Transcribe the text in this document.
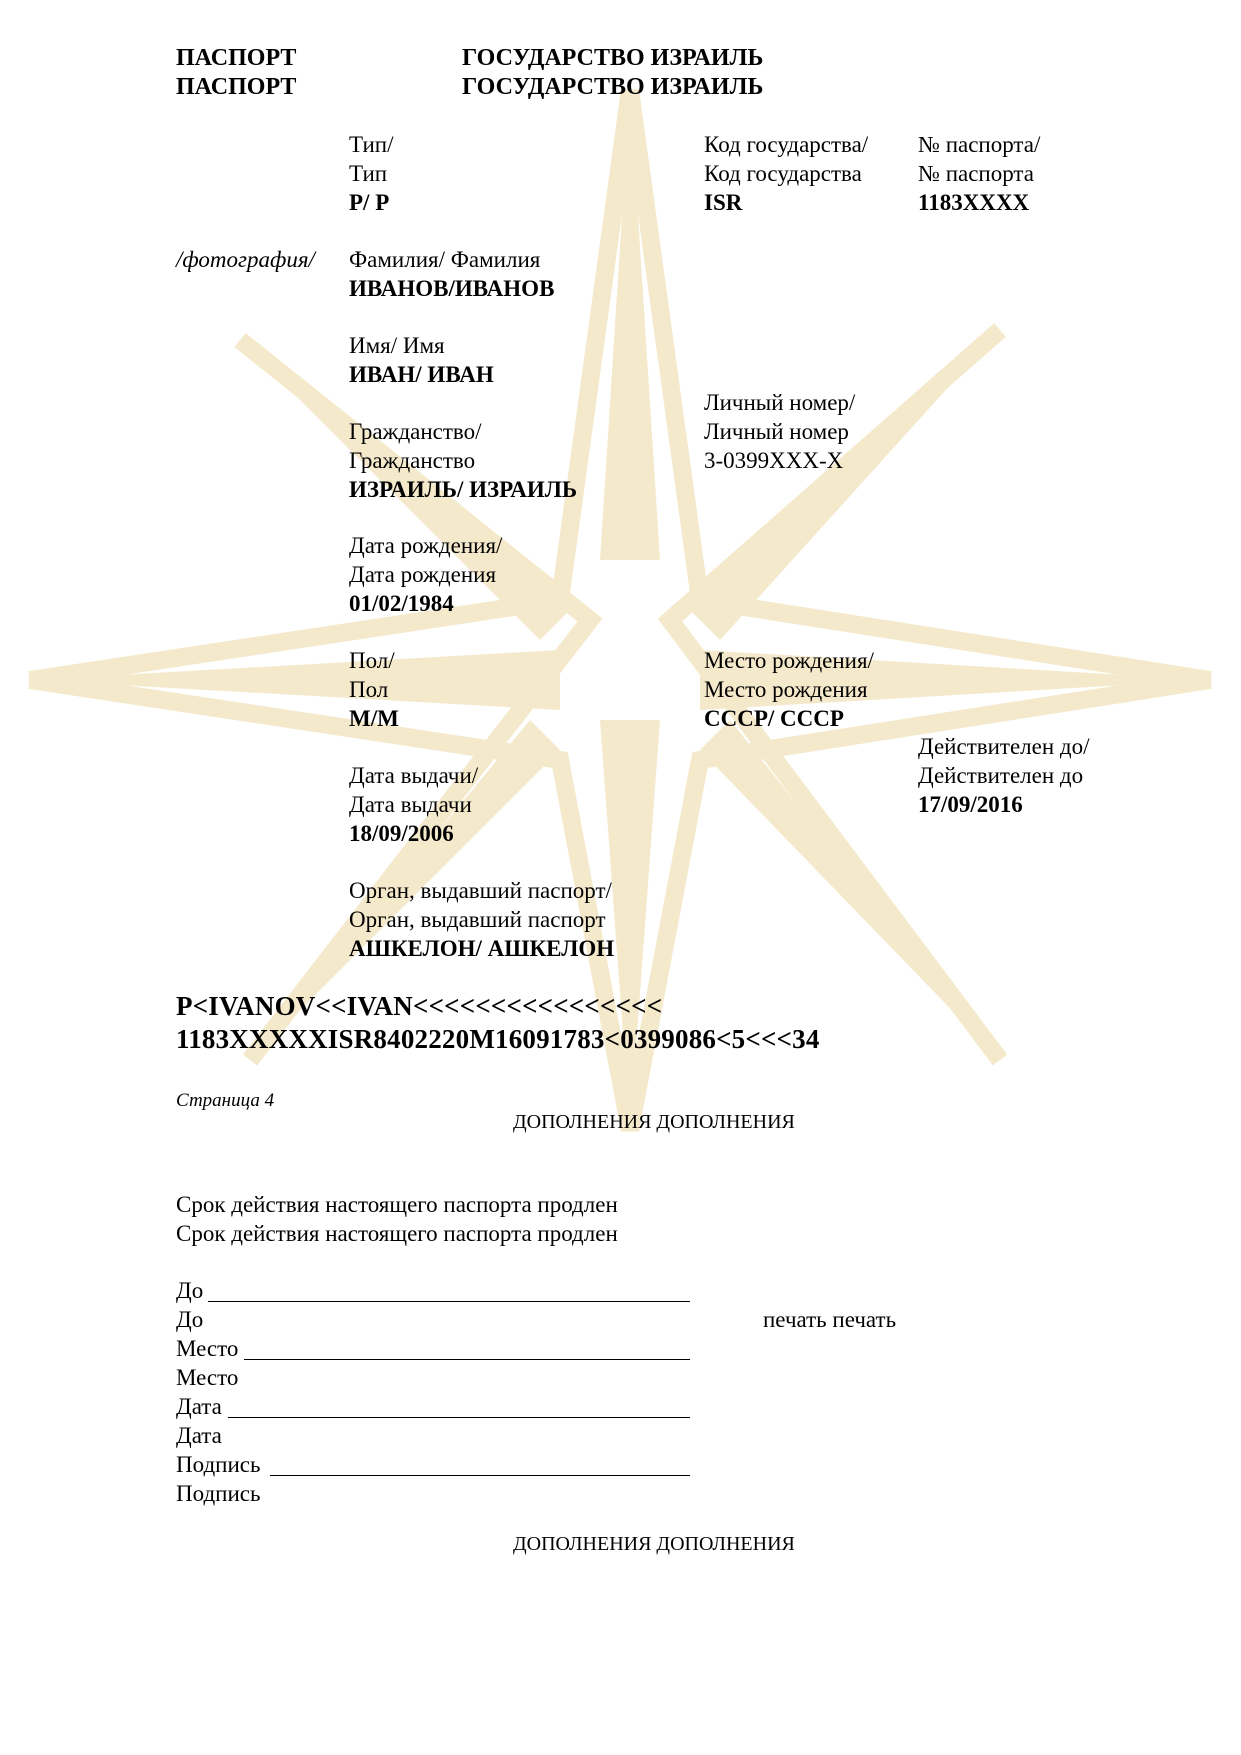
ПАСПОРТ
ПАСПОРТ
ГОСУДАРСТВО ИЗРАИЛЬ
ГОСУДАРСТВО ИЗРАИЛЬ
Тип/
Тип
P/ P
Код государства/
Код государства
ISR
№ паспорта/
№ паспорта
1183XXXX
/фотография/ Фамилия/ Фамилия
ИВАНОВ/ИВАНОВ
Имя/ Имя
ИВАН/ ИВАН
Личный номер/
Личный номер
3-0399XXX-X
Гражданство/
Гражданство
ИЗРАИЛЬ/ ИЗРАИЛЬ
Дата рождения/
Дата рождения
01/02/1984
Пол/
Пол
M/M
Место рождения/
Место рождения
СССР/ СССР
Действителен до/
Действителен до
17/09/2016
Дата выдачи/
Дата выдачи
18/09/2006
Орган, выдавший паспорт/
Орган, выдавший паспорт
АШКЕЛОН/ АШКЕЛОН
P<IVANOV<<IVAN<<<<<<<<<<<<<<<<
1183XXXXXISR8402220M16091783<0399086<5<<<34
Страница 4
ДОПОЛНЕНИЯ ДОПОЛНЕНИЯ
Срок действия настоящего паспорта продлен
Срок действия настоящего паспорта продлен
До
До	печать печать
Место
Место
Дата
Дата
Подпись
Подпись
ДОПОЛНЕНИЯ ДОПОЛНЕНИЯ
